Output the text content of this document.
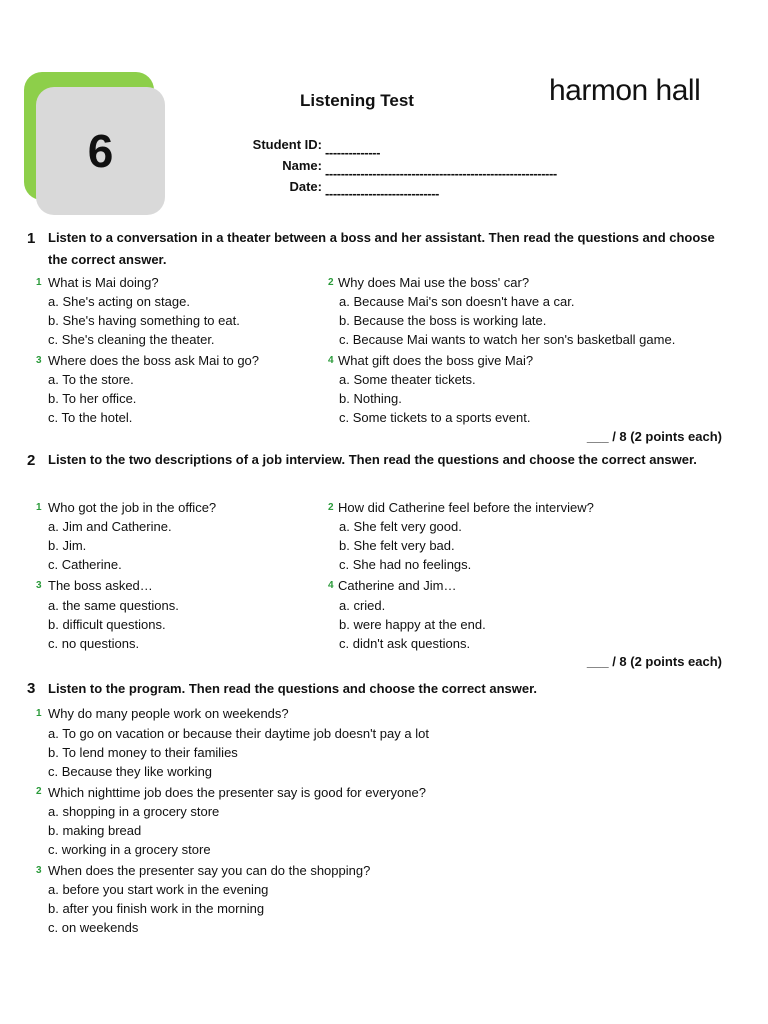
6
Listening Test	harmon hall
Student ID:
--------------
Name:
-----------------------------------------------------------
Date: -----------------------------
1 Listen to a conversation in a theater between a boss and her assistant. Then read the questions and choose the correct answer.
1 What is Mai doing?
a. She's acting on stage.
b. She's having something to eat.
c. She's cleaning the theater.
2 Why does Mai use the boss' car?
a. Because Mai's son doesn't have a car.
b. Because the boss is working late.
c. Because Mai wants to watch her son's basketball game.
3 Where does the boss ask Mai to go?
a. To the store.
b. To her office.
c. To the hotel.
4 What gift does the boss give Mai?
a. Some theater tickets.
b. Nothing.
c. Some tickets to a sports event.
___ / 8 (2 points each)
2 Listen to the two descriptions of a job interview. Then read the questions and choose the correct answer.
1 Who got the job in the office?
a. Jim and Catherine.
b. Jim.
c. Catherine.
2 How did Catherine feel before the interview?
a. She felt very good.
b. She felt very bad.
c. She had no feelings.
3 The boss asked…
a. the same questions.
b. difficult questions.
c. no questions.
4 Catherine and Jim…
a. cried.
b. were happy at the end.
c. didn't ask questions.
___ / 8 (2 points each)
3 Listen to the program. Then read the questions and choose the correct answer.
1 Why do many people work on weekends?
a. To go on vacation or because their daytime job doesn't pay a lot
b. To lend money to their families
c. Because they like working
2 Which nighttime job does the presenter say is good for everyone?
a. shopping in a grocery store
b. making bread
c. working in a grocery store
3 When does the presenter say you can do the shopping?
a. before you start work in the evening
b. after you finish work in the morning
c. on weekends
